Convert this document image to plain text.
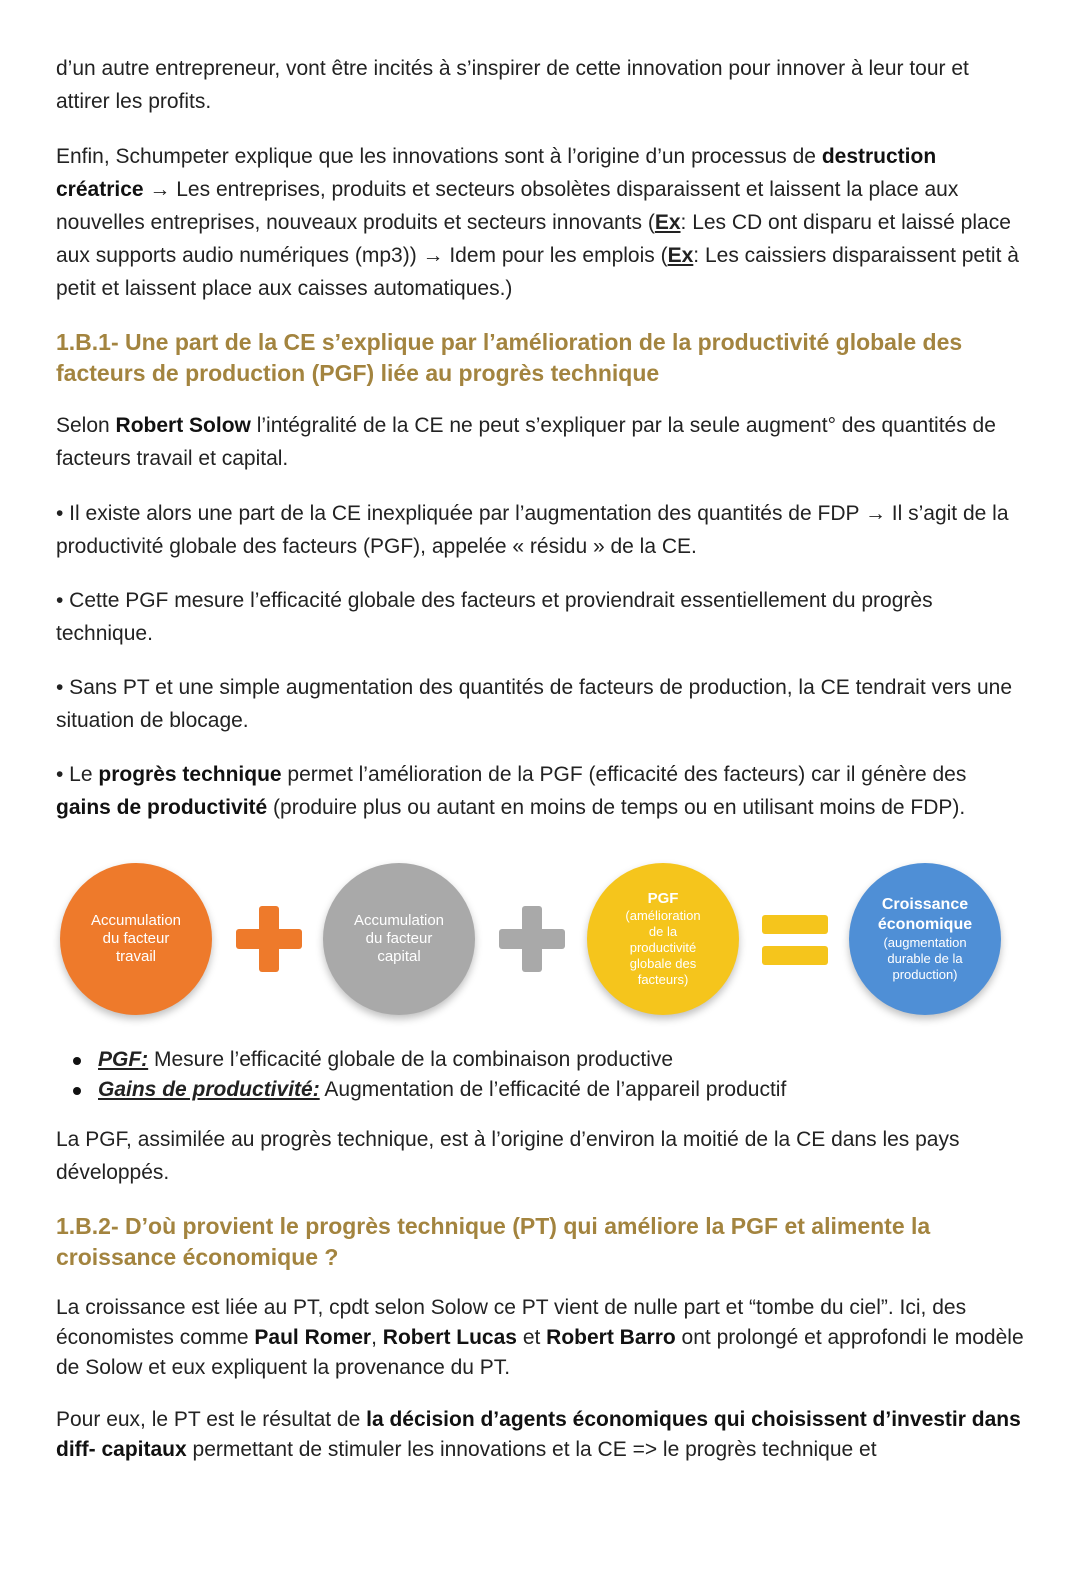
d’un autre entrepreneur, vont être incités à s’inspirer de cette innovation pour innover à leur tour et attirer les profits.

Enfin, Schumpeter explique que les innovations sont à l’origine d’un processus de destruction créatrice → Les entreprises, produits et secteurs obsolètes disparaissent et laissent la place aux nouvelles entreprises, nouveaux produits et secteurs innovants (Ex: Les CD ont disparu et laissé place aux supports audio numériques (mp3)) → Idem pour les emplois (Ex: Les caissiers disparaissent petit à petit et laissent place aux caisses automatiques.)

1.B.1- Une part de la CE s’explique par l’amélioration de la productivité globale des facteurs de production (PGF) liée au progrès technique

Selon Robert Solow l’intégralité de la CE ne peut s’expliquer par la seule augment° des quantités de facteurs travail et capital.

• Il existe alors une part de la CE inexpliquée par l’augmentation des quantités de FDP → Il s’agit de la productivité globale des facteurs (PGF), appelée « résidu » de la CE.

• Cette PGF mesure l’efficacité globale des facteurs et proviendrait essentiellement du progrès technique.

• Sans PT et une simple augmentation des quantités de facteurs de production, la CE tendrait vers une situation de blocage.

• Le progrès technique permet l’amélioration de la PGF (efficacité des facteurs) car il génère des gains de productivité (produire plus ou autant en moins de temps ou en utilisant moins de FDP).

Accumulation
du facteur
travail
Accumulation
du facteur
capital
PGF
(amélioration
de la
productivité
globale des
facteurs)
Croissance
économique
(augmentation
durable de la
production)
PGF: Mesure l’efficacité globale de la combinaison productive
Gains de productivité: Augmentation de l’efficacité de l’appareil productif

La PGF, assimilée au progrès technique, est à l’origine d’environ la moitié de la CE dans les pays développés.

1.B.2- D’où provient le progrès technique (PT) qui améliore la PGF et alimente la croissance économique ?

La croissance est liée au PT, cpdt selon Solow ce PT vient de nulle part et “tombe du ciel”. Ici, des économistes comme Paul Romer, Robert Lucas et Robert Barro ont prolongé et approfondi le modèle de Solow et eux expliquent la provenance du PT.

Pour eux, le PT est le résultat de la décision d’agents économiques qui choisissent d’investir dans diff- capitaux permettant de stimuler les innovations et la CE => le progrès technique et
